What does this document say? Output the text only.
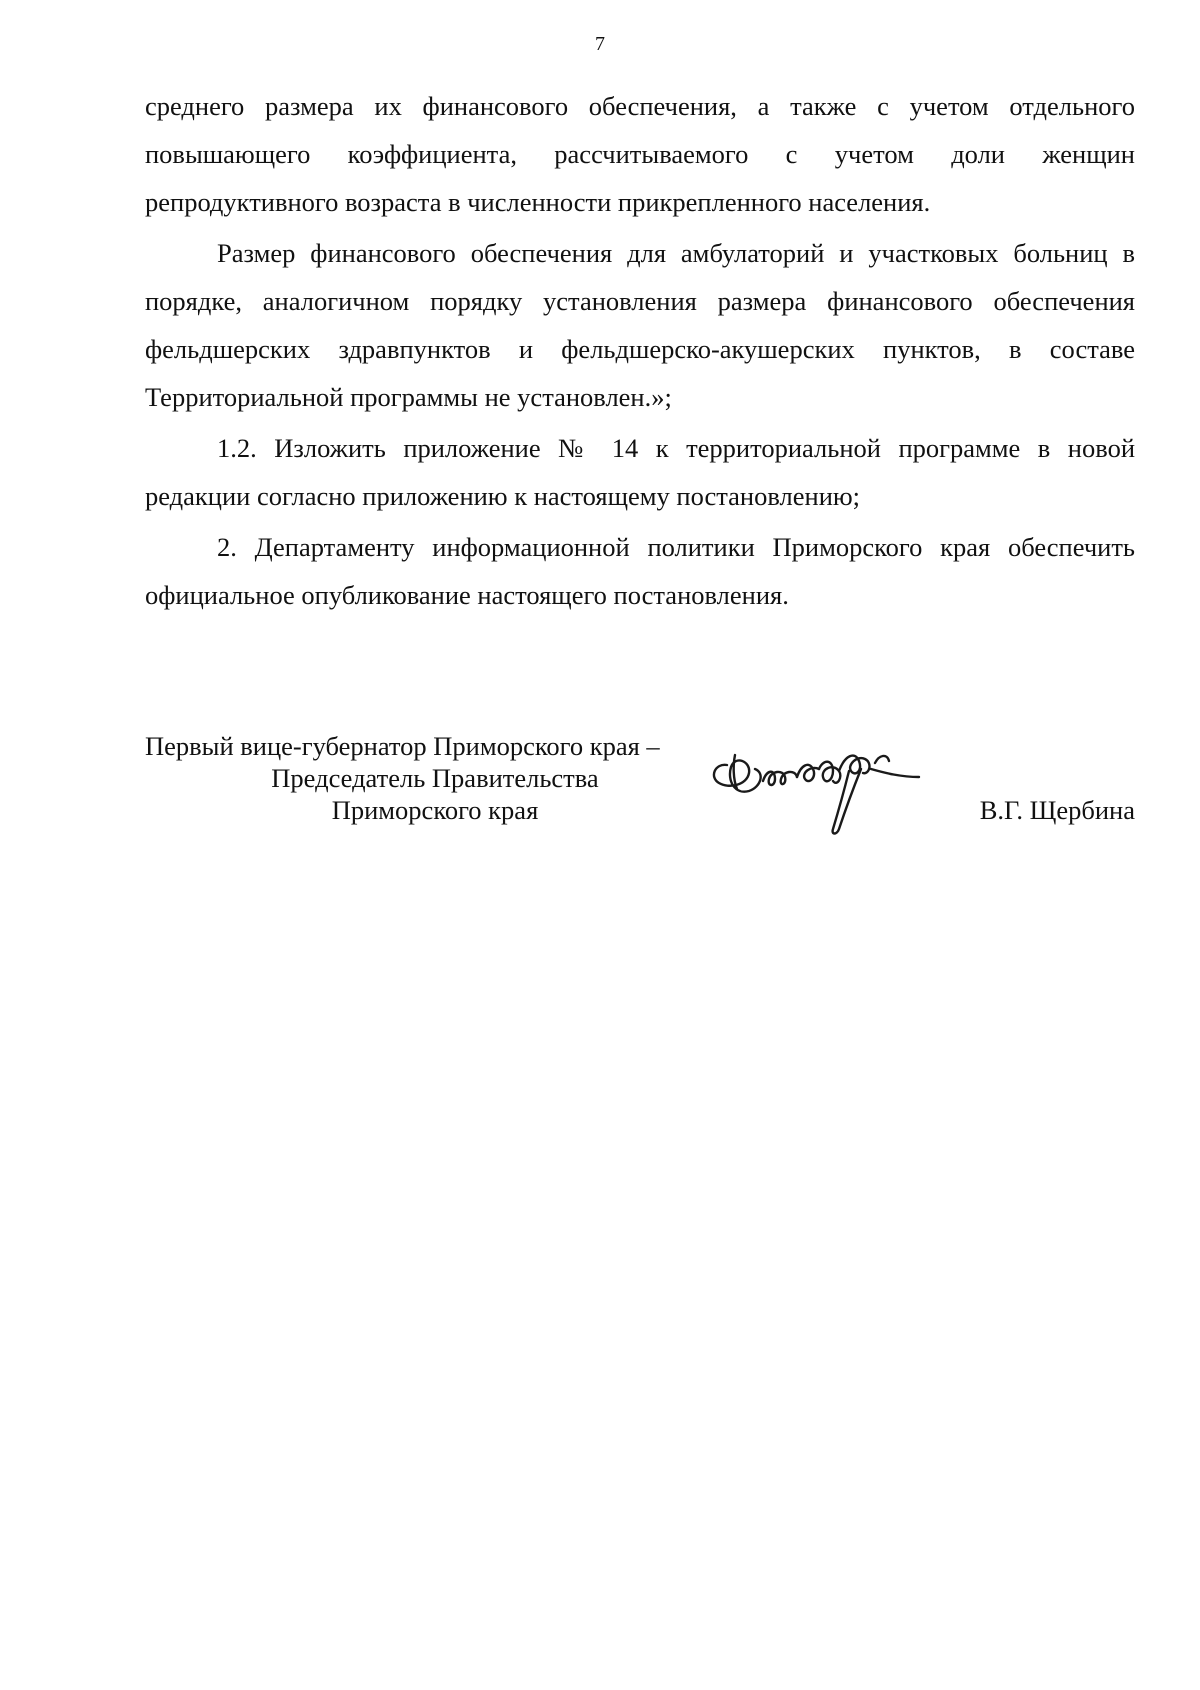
7

среднего размера их финансового обеспечения, а также с учетом отдельного повышающего коэффициента, рассчитываемого с учетом доли женщин репродуктивного возраста в численности прикрепленного населения.

Размер финансового обеспечения для амбулаторий и участковых больниц в порядке, аналогичном порядку установления размера финансового обеспечения фельдшерских здравпунктов и фельдшерско-акушерских пунктов, в составе Территориальной программы не установлен.»;

1.2. Изложить приложение № 14 к территориальной программе в новой редакции согласно приложению к настоящему постановлению;

2. Департаменту информационной политики Приморского края обеспечить официальное опубликование настоящего постановления.

Первый вице-губернатор Приморского края –
Председатель Правительства
Приморского края	В.Г. Щербина
